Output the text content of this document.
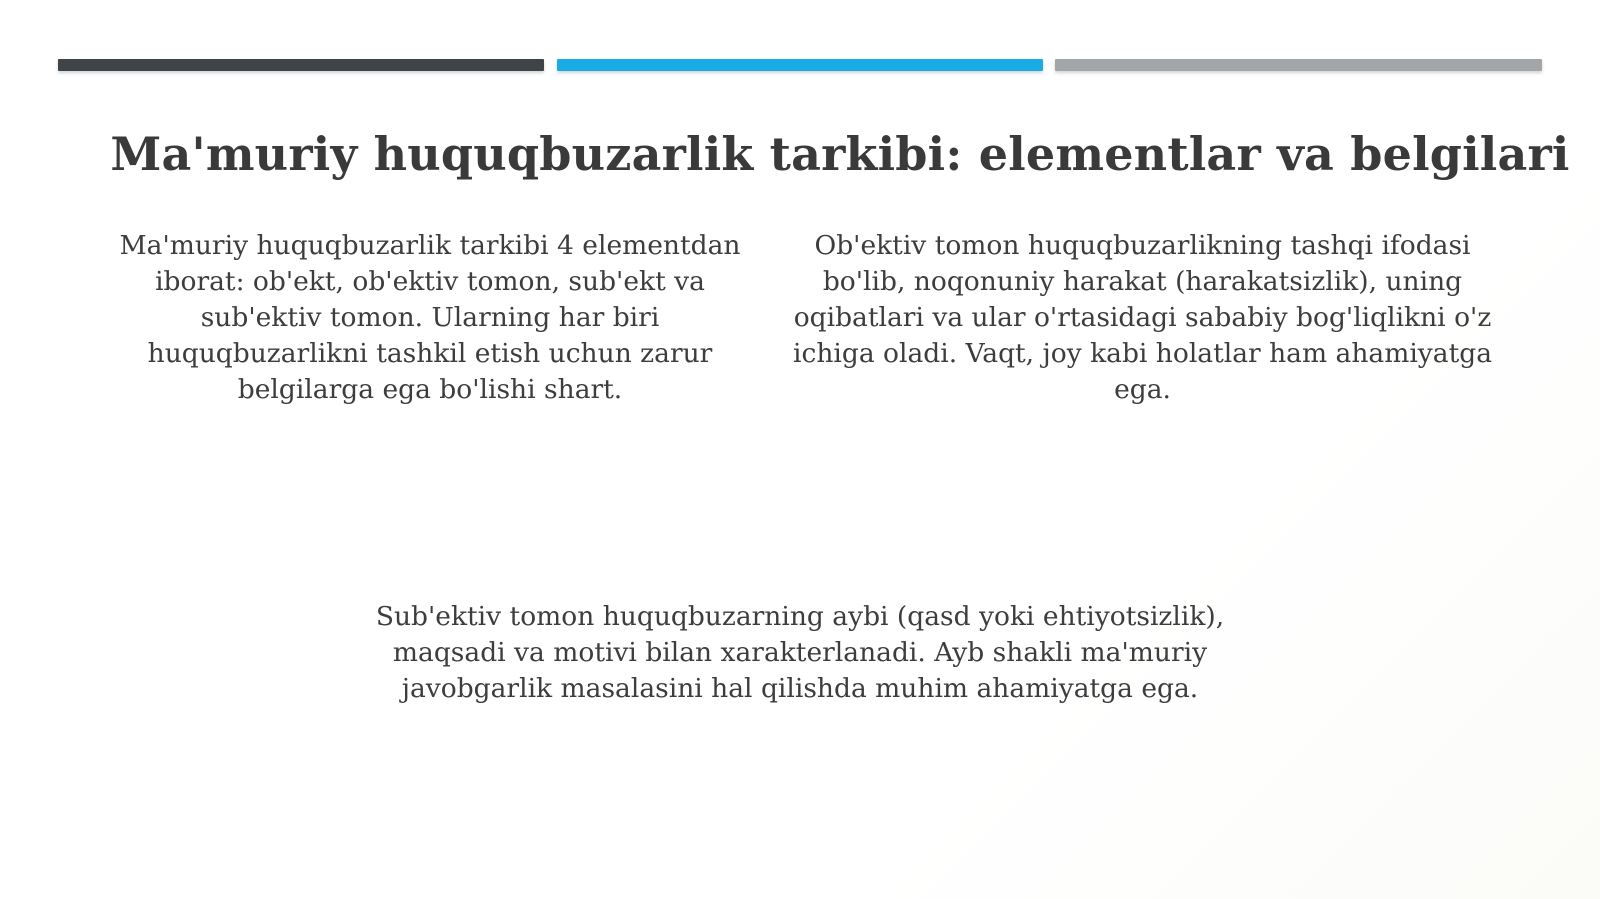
Ma'muriy huquqbuzarlik tarkibi: elementlar va belgilari

Ma'muriy huquqbuzarlik tarkibi 4 elementdan iborat: ob'ekt, ob'ektiv tomon, sub'ekt va sub'ektiv tomon. Ularning har biri huquqbuzarlikni tashkil etish uchun zarur belgilarga ega bo'lishi shart.

Ob'ektiv tomon huquqbuzarlikning tashqi ifodasi bo'lib, noqonuniy harakat (harakatsizlik), uning oqibatlari va ular o'rtasidagi sababiy bog'liqlikni o'z ichiga oladi. Vaqt, joy kabi holatlar ham ahamiyatga ega.

Sub'ektiv tomon huquqbuzarning aybi (qasd yoki ehtiyotsizlik), maqsadi va motivi bilan xarakterlanadi. Ayb shakli ma'muriy javobgarlik masalasini hal qilishda muhim ahamiyatga ega.
